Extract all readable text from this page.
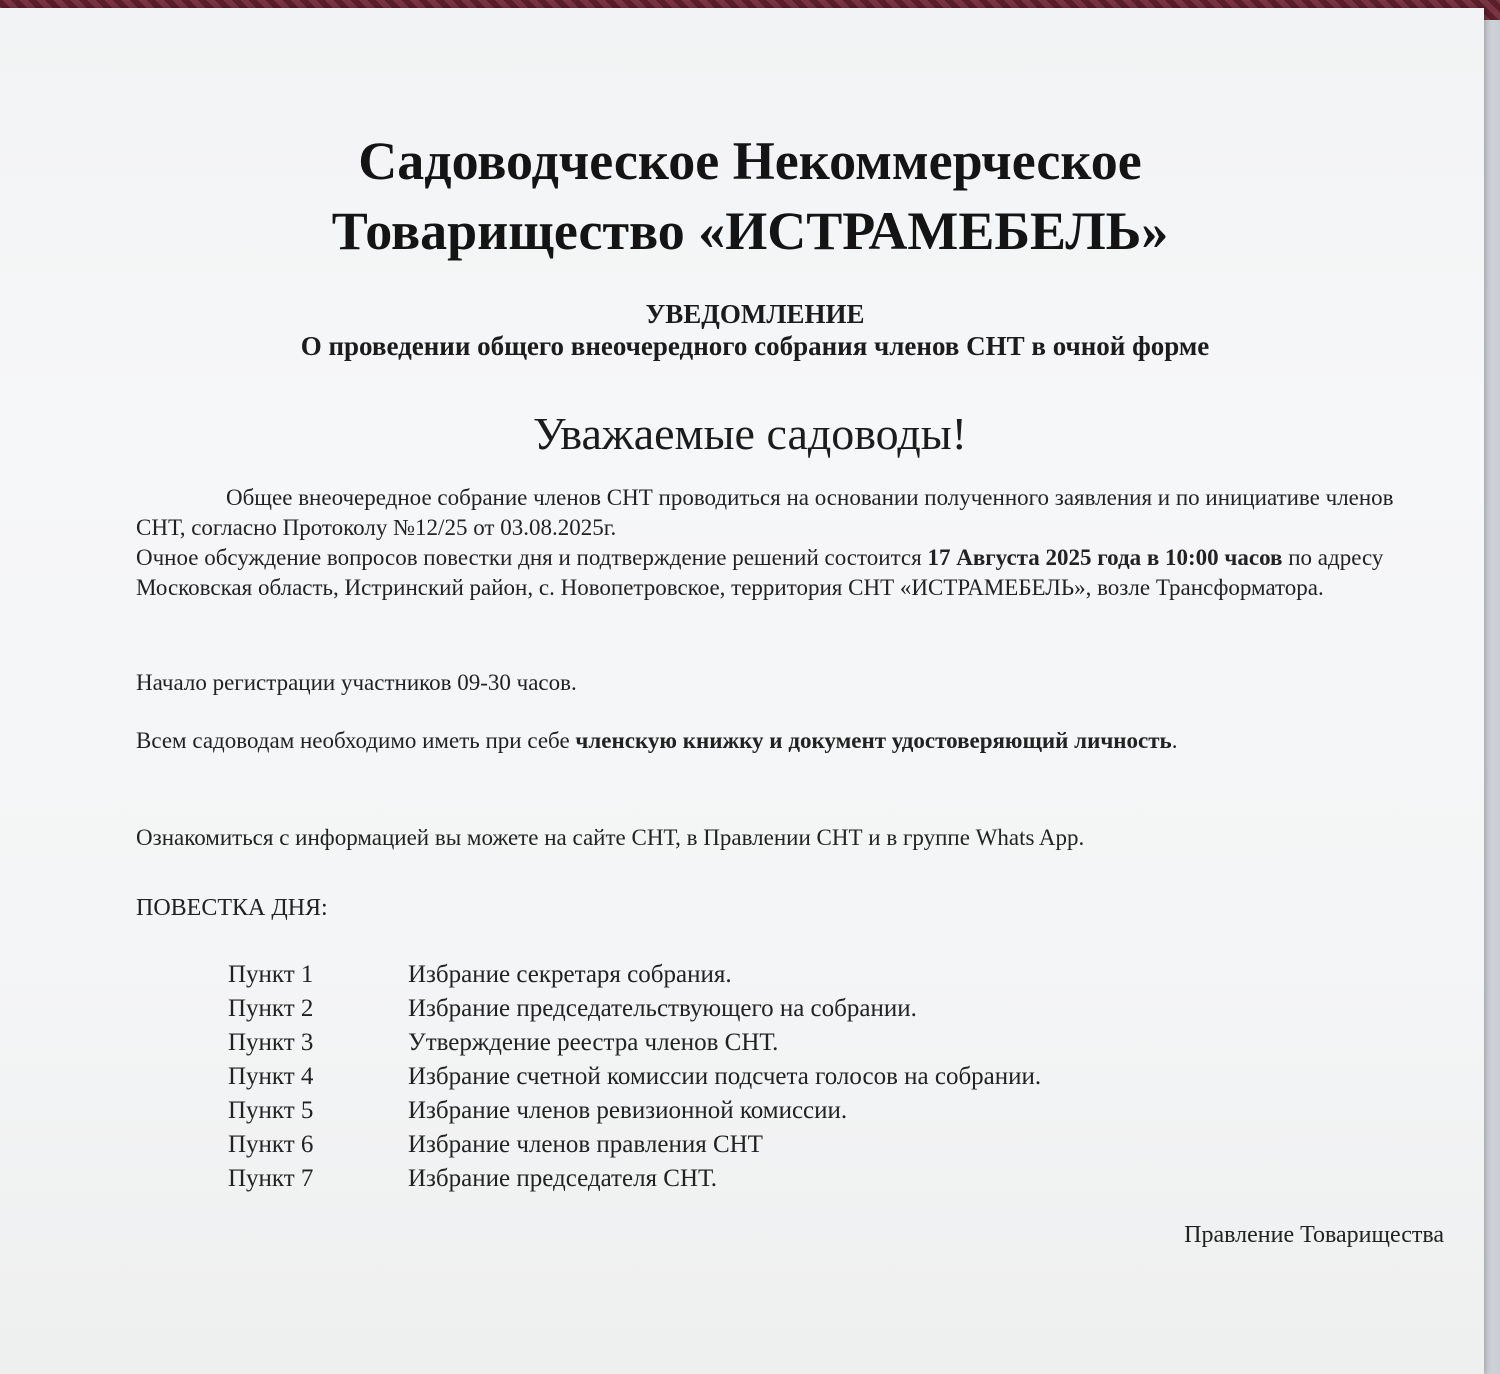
Садоводческое Некоммерческое
Товарищество «ИСТРАМЕБЕЛЬ»
УВЕДОМЛЕНИЕ
О проведении общего внеочередного собрания членов СНТ в очной форме
Уважаемые садоводы!
Общее внеочередное собрание членов СНТ проводиться на основании полученного заявления и по инициативе членов СНТ, согласно Протоколу №12/25 от 03.08.2025г.
Очное обсуждение вопросов повестки дня и подтверждение решений состоится 17 Августа 2025 года в 10:00 часов по адресу Московская область, Истринский район, с. Новопетровское, территория СНТ «ИСТРАМЕБЕЛЬ», возле Трансформатора.
Начало регистрации участников 09-30 часов.
Всем садоводам необходимо иметь при себе членскую книжку и документ удостоверяющий личность.
Ознакомиться с информацией вы можете на сайте СНТ, в Правлении СНТ и в группе Whats App.
ПОВЕСТКА ДНЯ:
Пункт 1	Избрание секретаря собрания.
Пункт 2	Избрание председательствующего на собрании.
Пункт 3	Утверждение реестра членов СНТ.
Пункт 4	Избрание счетной комиссии подсчета голосов на собрании.
Пункт 5	Избрание членов ревизионной комиссии.
Пункт 6	Избрание членов правления СНТ
Пункт 7	Избрание председателя СНТ.
Правление Товарищества
